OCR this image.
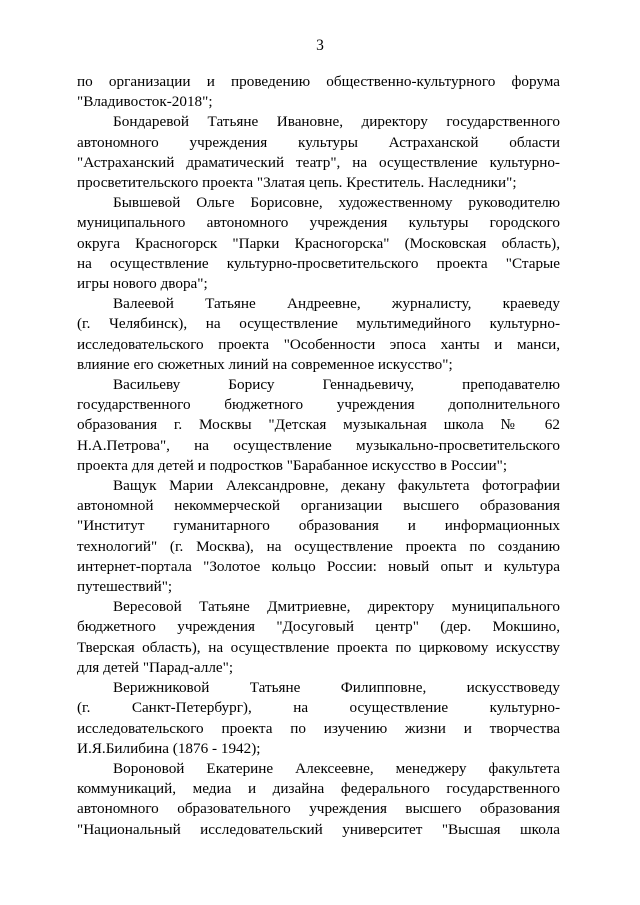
3
по организации и проведению общественно-культурного форума
"Владивосток-2018";
Бондаревой Татьяне Ивановне, директору государственного
автономного учреждения культуры Астраханской области
"Астраханский драматический театр", на осуществление культурно-
просветительского проекта "Златая цепь. Креститель. Наследники";
Бывшевой Ольге Борисовне, художественному руководителю
муниципального автономного учреждения культуры городского
округа Красногорск "Парки Красногорска" (Московская область),
на осуществление культурно-просветительского проекта "Старые
игры нового двора";
Валеевой Татьяне Андреевне, журналисту, краеведу
(г. Челябинск), на осуществление мультимедийного культурно-
исследовательского проекта "Особенности эпоса ханты и манси,
влияние его сюжетных линий на современное искусство";
Васильеву Борису Геннадьевичу, преподавателю
государственного бюджетного учреждения дополнительного
образования г. Москвы "Детская музыкальная школа № 62
Н.А.Петрова", на осуществление музыкально-просветительского
проекта для детей и подростков "Барабанное искусство в России";
Ващук Марии Александровне, декану факультета фотографии
автономной некоммерческой организации высшего образования
"Институт гуманитарного образования и информационных
технологий" (г. Москва), на осуществление проекта по созданию
интернет-портала "Золотое кольцо России: новый опыт и культура
путешествий";
Вересовой Татьяне Дмитриевне, директору муниципального
бюджетного учреждения "Досуговый центр" (дер. Мокшино,
Тверская область), на осуществление проекта по цирковому искусству
для детей "Парад-алле";
Верижниковой Татьяне Филипповне, искусствоведу
(г. Санкт-Петербург), на осуществление культурно-
исследовательского проекта по изучению жизни и творчества
И.Я.Билибина (1876 - 1942);
Вороновой Екатерине Алексеевне, менеджеру факультета
коммуникаций, медиа и дизайна федерального государственного
автономного образовательного учреждения высшего образования
"Национальный исследовательский университет "Высшая школа
